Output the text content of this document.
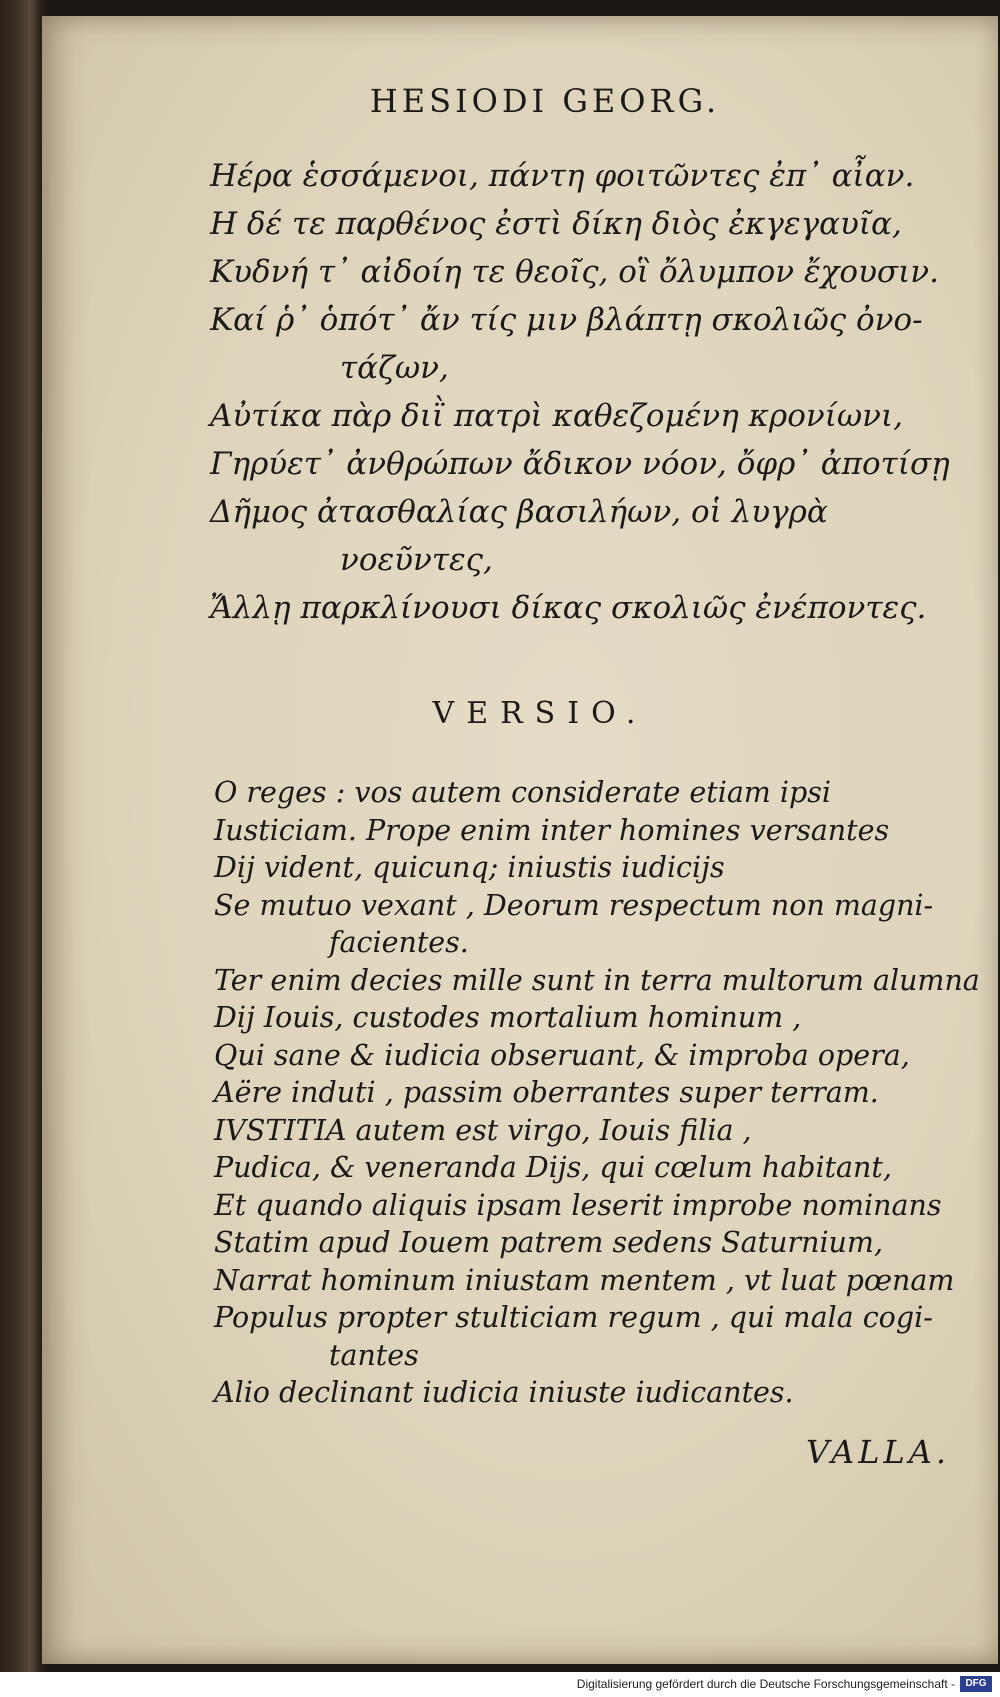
HESIODI GEORG.
Ηέρα ἑσσάμενοι, πάντη φοιτῶντες ἐπ᾽ αἶαν.
Η δέ τε παρθένος ἐστὶ δίκη διὸς ἐκγεγαυῖα,
Κυδνή τ᾽ αἰδοίη τε θεοῖς, οἳ ὄλυμπον ἔχουσιν.
Καί ῥ᾽ ὁπότ᾽ ἄν τίς μιν βλάπτῃ σκολιῶς ὀνο-
τάζων,
Αὐτίκα πὰρ διῒ πατρὶ καθεζομένη κρονίωνι,
Γηρύετ᾽ ἀνθρώπων ἄδικον νόον, ὄφρ᾽ ἀποτίσῃ
Δῆμος ἀτασθαλίας βασιλήων, οἱ λυγρὰ
νοεῦντες,
Ἄλλῃ παρκλίνουσι δίκας σκολιῶς ἐνέποντες.
VERSIO.
O reges : vos autem considerate etiam ipsi
Iusticiam. Prope enim inter homines versantes
Dij vident, quicunq; iniustis iudicijs
Se mutuo vexant , Deorum respectum non magni-
facientes.
Ter enim decies mille sunt in terra multorum alumna
Dij Iouis, custodes mortalium hominum ,
Qui sane & iudicia obseruant, & improba opera,
Aëre induti , passim oberrantes super terram.
IVSTITIA autem est virgo, Iouis filia ,
Pudica, & veneranda Dijs, qui cœlum habitant,
Et quando aliquis ipsam leserit improbe nominans
Statim apud Iouem patrem sedens Saturnium,
Narrat hominum iniustam mentem , vt luat pœnam
Populus propter stulticiam regum , qui mala cogi-
tantes
Alio declinant iudicia iniuste iudicantes.
VALLA.
Digitalisierung gefördert durch die Deutsche Forschungsgemeinschaft -	DFG
